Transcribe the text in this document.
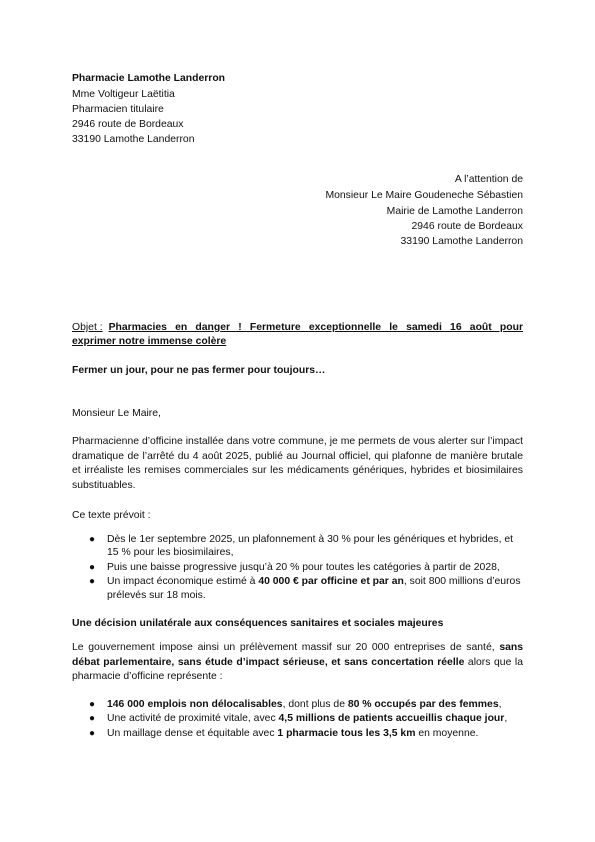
Pharmacie Lamothe Landerron
Mme Voltigeur Laëtitia
Pharmacien titulaire
2946 route de Bordeaux
33190 Lamothe Landerron
A l’attention de
Monsieur Le Maire Goudeneche Sébastien
Mairie de Lamothe Landerron
2946 route de Bordeaux
33190 Lamothe Landerron
Objet : Pharmacies en danger ! Fermeture exceptionnelle le samedi 16 août pour
exprimer notre immense colère
Fermer un jour, pour ne pas fermer pour toujours…
Monsieur Le Maire,
Pharmacienne d’officine installée dans votre commune, je me permets de vous alerter sur l’impact dramatique de l’arrêté du 4 août 2025, publié au Journal officiel, qui plafonne de manière brutale et irréaliste les remises commerciales sur les médicaments génériques, hybrides et biosimilaires substituables.
Ce texte prévoit :
● Dès le 1er septembre 2025, un plafonnement à 30 % pour les génériques et hybrides, et 15 % pour les biosimilaires,
● Puis une baisse progressive jusqu’à 20 % pour toutes les catégories à partir de 2028,
● Un impact économique estimé à 40 000 € par officine et par an, soit 800 millions d’euros prélevés sur 18 mois.
Une décision unilatérale aux conséquences sanitaires et sociales majeures
Le gouvernement impose ainsi un prélèvement massif sur 20 000 entreprises de santé, sans débat parlementaire, sans étude d’impact sérieuse, et sans concertation réelle alors que la pharmacie d’officine représente :
● 146 000 emplois non délocalisables, dont plus de 80 % occupés par des femmes,
● Une activité de proximité vitale, avec 4,5 millions de patients accueillis chaque jour,
● Un maillage dense et équitable avec 1 pharmacie tous les 3,5 km en moyenne.
